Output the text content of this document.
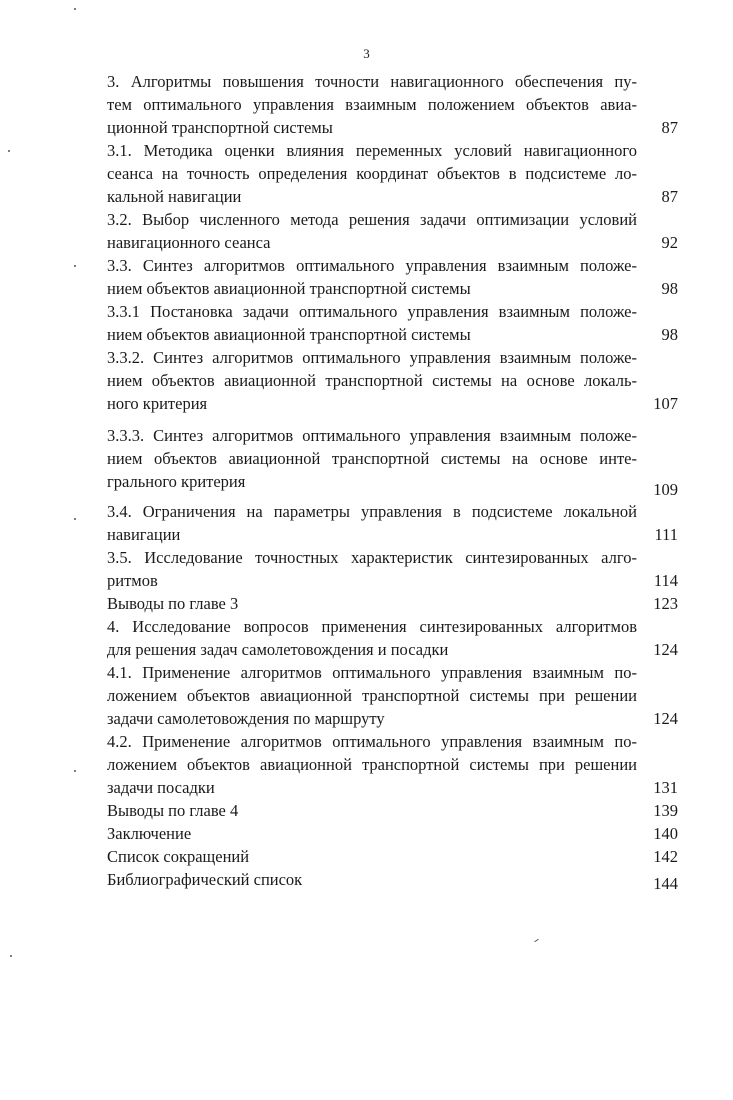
3
3. Алгоритмы повышения точности навигационного обеспечения пу-
тем оптимального управления взаимным положением объектов авиа-
ционной транспортной системы	87
3.1. Методика оценки влияния переменных условий навигационного
сеанса на точность определения координат объектов в подсистеме ло-
кальной навигации	87
3.2. Выбор численного метода решения задачи оптимизации условий
навигационного сеанса	92
3.3. Синтез алгоритмов оптимального управления взаимным положе-
нием объектов авиационной транспортной системы	98
3.3.1 Постановка задачи оптимального управления взаимным положе-
нием объектов авиационной транспортной системы	98
3.3.2. Синтез алгоритмов оптимального управления взаимным положе-
нием объектов авиационной транспортной системы на основе локаль-
ного критерия	107
3.3.3. Синтез алгоритмов оптимального управления взаимным положе-
нием объектов авиационной транспортной системы на основе инте-
грального критерия	109
3.4. Ограничения на параметры управления в подсистеме локальной
навигации	111
3.5. Исследование точностных характеристик синтезированных алго-
ритмов	114
Выводы по главе 3	123
4. Исследование вопросов применения синтезированных алгоритмов
для решения задач самолетовождения и посадки	124
4.1. Применение алгоритмов оптимального управления взаимным по-
ложением объектов авиационной транспортной системы при решении
задачи самолетовождения по маршруту	124
4.2. Применение алгоритмов оптимального управления взаимным по-
ложением объектов авиационной транспортной системы при решении
задачи посадки	131
Выводы по главе 4	139
Заключение	140
Список сокращений	142
Библиографический список	144
